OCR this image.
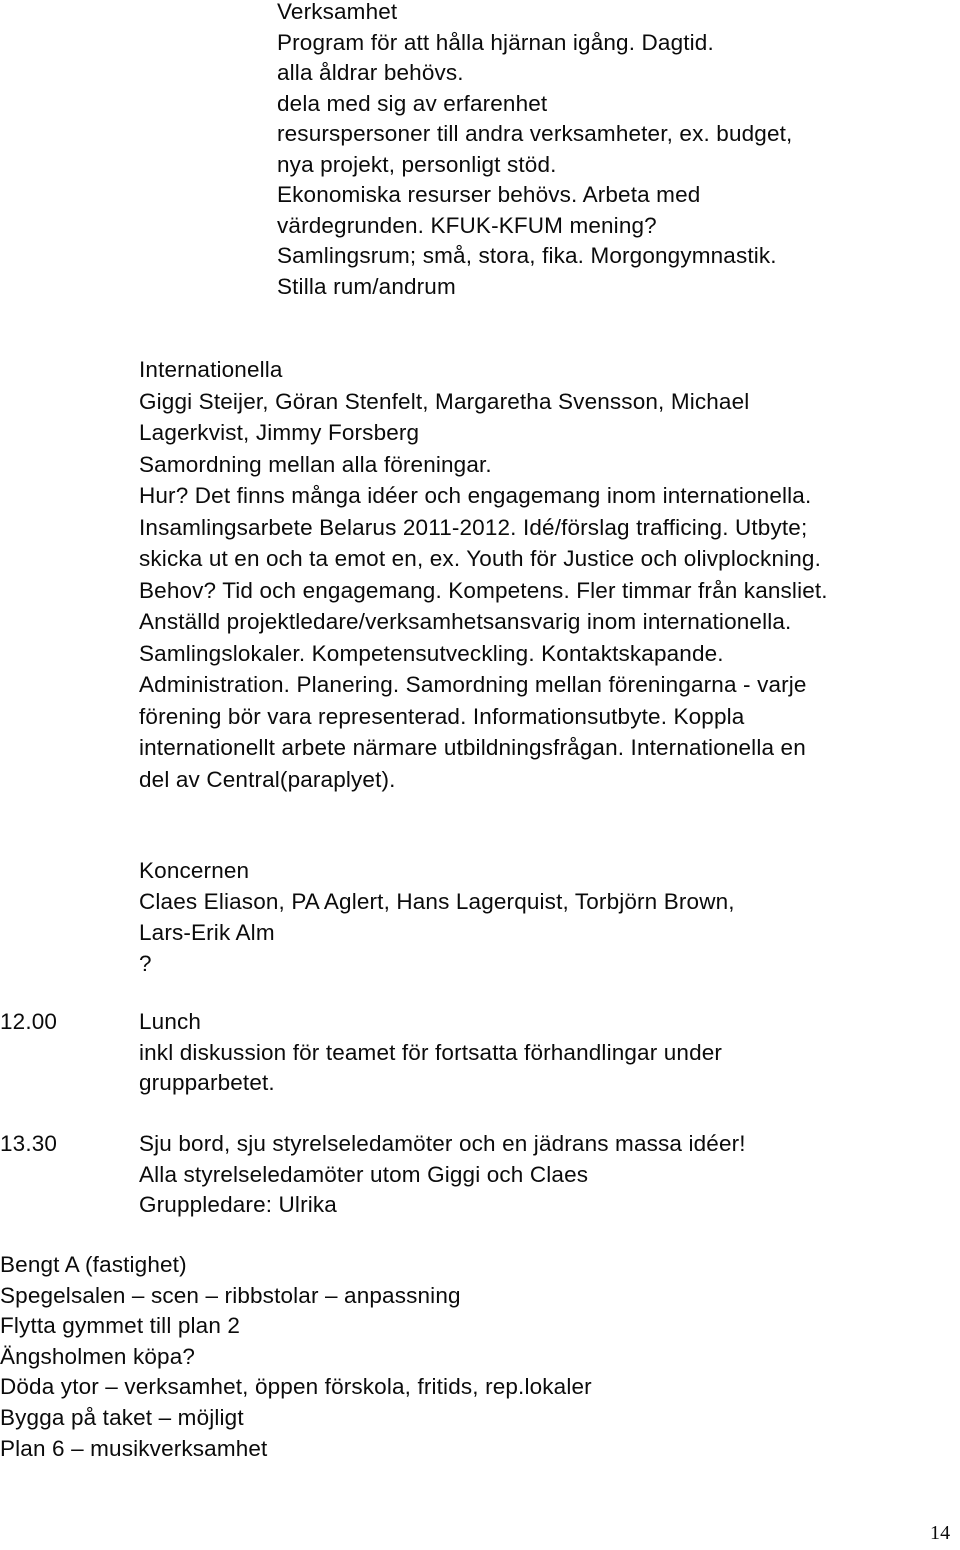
Verksamhet
Program för att hålla hjärnan igång. Dagtid.
alla åldrar behövs.
dela med sig av erfarenhet
resurspersoner till andra verksamheter, ex. budget,
nya projekt, personligt stöd.
Ekonomiska resurser behövs. Arbeta med
värdegrunden. KFUK-KFUM mening?
Samlingsrum; små, stora, fika. Morgongymnastik.
Stilla rum/andrum
Internationella
Giggi Steijer, Göran Stenfelt, Margaretha Svensson, Michael
Lagerkvist, Jimmy Forsberg
Samordning mellan alla föreningar.
Hur? Det finns många idéer och engagemang inom internationella.
Insamlingsarbete Belarus 2011-2012. Idé/förslag trafficing. Utbyte;
skicka ut en och ta emot en, ex. Youth för Justice och olivplockning.
Behov? Tid och engagemang. Kompetens. Fler timmar från kansliet.
Anställd projektledare/verksamhetsansvarig inom internationella.
Samlingslokaler. Kompetensutveckling. Kontaktskapande.
Administration. Planering. Samordning mellan föreningarna - varje
förening bör vara representerad. Informationsutbyte. Koppla
internationellt arbete närmare utbildningsfrågan. Internationella en
del av Central(paraplyet).
Koncernen
Claes Eliason, PA Aglert, Hans Lagerquist, Torbjörn Brown,
Lars-Erik Alm
?
12.00	Lunch
inkl diskussion för teamet för fortsatta förhandlingar under
grupparbetet.
13.30	Sju bord, sju styrelseledamöter och en jädrans massa idéer!
Alla styrelseledamöter utom Giggi och Claes
Gruppledare: Ulrika
Bengt A (fastighet)
Spegelsalen – scen – ribbstolar – anpassning
Flytta gymmet till plan 2
Ängsholmen köpa?
Döda ytor – verksamhet, öppen förskola, fritids, rep.lokaler
Bygga på taket – möjligt
Plan 6 – musikverksamhet
14
